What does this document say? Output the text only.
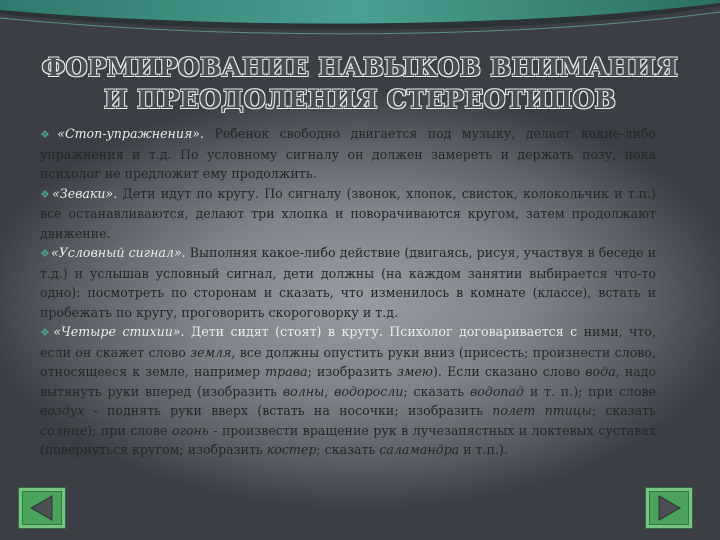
ФОРМИРОВАНИЕ НАВЫКОВ ВНИМАНИЯ
И ПРЕОДОЛЕНИЯ СТЕРЕОТИПОВ

❖«Стоп-упражнения». Ребенок свободно двигается под музыку, делает какие-либо упражнения и т.д. По условному сигналу он должен замереть и держать позу, пока психолог не предложит ему продолжить.

❖«Зеваки». Дети идут по кругу. По сигналу (звонок, хлопок, свисток, колокольчик и т.п.) все останавливаются, делают три хлопка и поворачиваются кругом, затем продолжают движение.

❖«Условный сигнал». Выполняя какое-либо действие (двигаясь, рисуя, участвуя в беседе и т.д.) и услышав условный сигнал, дети должны (на каждом занятии выбирается что-то одно): посмотреть по сторонам и сказать, что изменилось в комнате (классе), встать и пробежать по кругу, проговорить скороговорку и т.д.

❖«Четыре стихии». Дети сидят (стоят) в кругу. Психолог договаривается с ними, что, если он скажет слово земля, все должны опустить руки вниз (присесть; произнести слово, относящееся к земле, например трава; изобразить змею). Если сказано слово вода, надо вытянуть руки вперед (изобразить волны, водоросли; сказать водопад и т. п.); при слове воздух - поднять руки вверх (встать на носочки; изобразить полет птицы; сказать солнце); при слове огонь - произвести вращение рук в лучезапястных и локтевых суставах (повернуться кругом; изобразить костер; сказать саламандра и т.п.).
